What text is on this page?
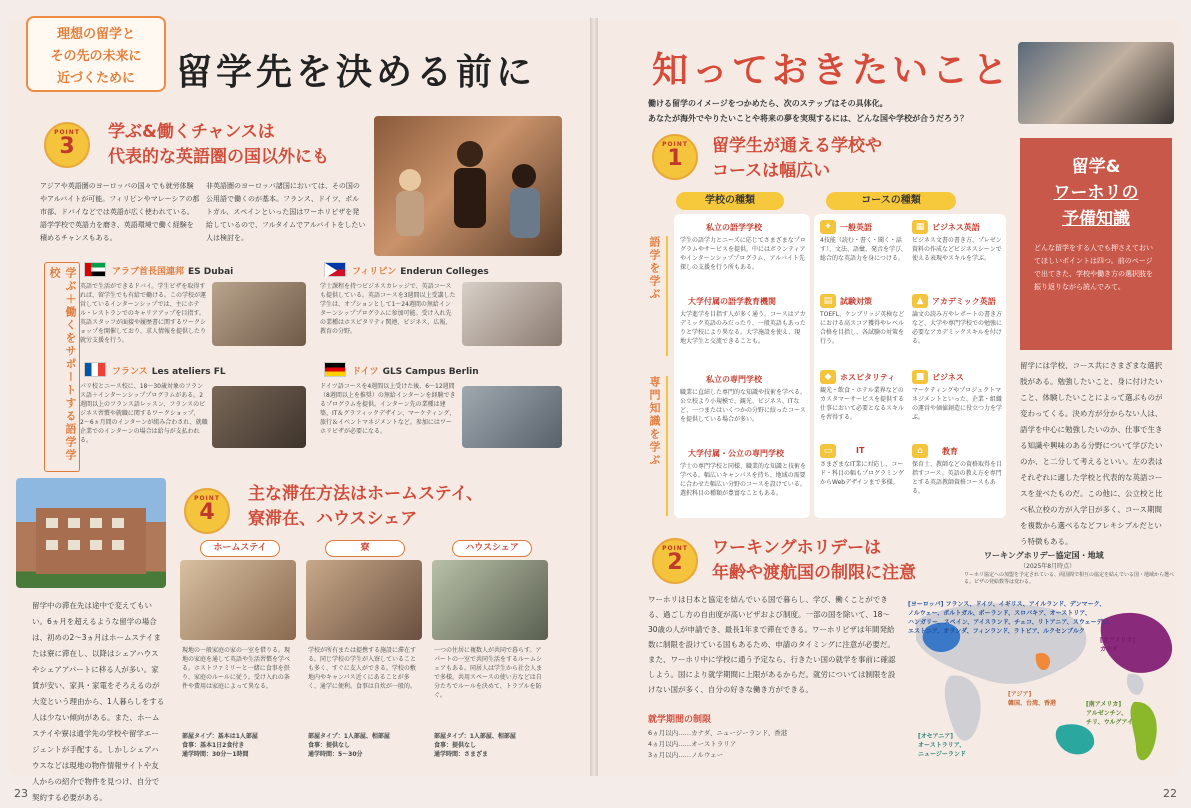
理想の留学と
その先の未来に
近づくために	留学先を決める前に
POINT
3
学ぶ&働くチャンスは
代表的な英語圏の国以外にも
アジアや英語圏のヨーロッパの国々でも就労体験やアルバイトが可能。フィリピンやマレーシアの都市部、ドバイなどでは英語が広く使われている。語学学校で英語力を磨き、英語環境で働く経験を積めるチャンスもある。
非英語圏のヨーロッパ諸国においては、その国の公用語で働くのが基本。フランス、ドイツ、ポルトガル、スペインといった国はワーホリビザを発給しているので、フルタイムでアルバイトをしたい人は検討を。
学ぶ＋働くをサポートする語学学校	アラブ首長国連邦 ES Dubai
英語で生活ができるドバイ。学生ビザを取得すれば、留学生でも有給で働ける。この学校が運営しているインターンシップでは、主にホテル・レストランでのキャリアアップを目指す。英語スタッフが面接や履歴書に関するワークショップを開催しており、求人情報を提供したり就労支援を行う。
フィリピン Enderun Colleges
学士課程を持つビジネスカレッジで、英語コースも提供している。英語コースを3週間以上受講した学生は、オプションとして1〜24週間の無給インターンシッププログラムに参加可能。受け入れ先の業種はホスピタリティ関連、ビジネス、広報、教育の分野。
フランス Les ateliers FL
パリ校とニース校に、18〜30歳対象のフランス語＋インターンシッププログラムがある。2週間以上のフランス語レッスン、フランスのビジネス習慣や就職に関するワークショップ、2〜6ヵ月間のインターンが組み合わされ、就職企業でのインターンの場合は給与が支払われる。
ドイツ GLS Campus Berlin
ドイツ語コースを4週間以上受けた後、6〜12週間（8週間以上を推奨）の無給インターンを経験できるプログラムを提供。インターン先の業種は建築、IT＆グラフィックデザイン、マーケティング、旅行＆イベントマネジメントなど。参加にはワーホリビザが必要になる。
POINT
4
主な滞在方法はホームステイ、
寮滞在、ハウスシェア
留学中の滞在先は途中で変えてもいい。6ヵ月を超えるような留学の場合は、初めの2〜3ヵ月はホームステイまたは寮に滞在し、以降はシェアハウスやシェアアパートに移る人が多い。家賃が安い、家具・家電をそろえるのが大変という理由から、1人暮らしをする人は少ない傾向がある。また、ホームステイや寮は通学先の学校や留学エージェントが手配する。しかしシェアハウスなどは現地の物件情報サイトや友人からの紹介で物件を見つけ、自分で契約する必要がある。
ホームステイ
現地の一般家庭の家の一室を借りる。現地の家庭を通して英語や生活習慣を学べる。ホストファミリーと一緒に食事を摂り、家庭のルールに従う。受け入れの条件や費用は家庭によって異なる。
部屋タイプ：基本は1人部屋
食事：基本1日2食付き
通学時間：30分〜1時間
寮
学校が所有または提携する施設に滞在する。同じ学校の学生が入寮していることも多く、すぐに友人ができる。学校の敷地内やキャンパス近くにあることが多く、通学に便利。食事は自炊が一般的。
部屋タイプ：1人部屋、相部屋
食事：提供なし
通学時間：5〜30分
ハウスシェア
一つの住居に複数人が共同で暮らす。アパートの一室で共同生活をするルームシェアもある。同居人は学生から社会人まで多様。共用スペースの使い方などは自分たちでルールを決めて、トラブルを防ぐ。
部屋タイプ：1人部屋、相部屋
食事：提供なし
通学時間：さまざま
23
知っておきたいこと
働ける留学のイメージをつかめたら、次のステップはその具体化。
あなたが海外でやりたいことや将来の夢を実現するには、どんな国や学校が合うだろう？
留学&
ワーホリの
予備知識
どんな留学をする人でも押さえておいてほしいポイントは四つ。前のページで出てきた、学校や働き方の選択肢を振り返りながら読んでみて。
留学には学校、コース共にさまざまな選択肢がある。勉強したいこと、身に付けたいこと、体験したいことによって選ぶものが変わってくる。決め方が分からない人は、語学を中心に勉強したいのか、仕事で生きる知識や興味のある分野について学びたいのか、と二分して考えるといい。左の表はそれぞれに適した学校と代表的な英語コースを並べたものだ。この他に、公立校と比べ私立校の方が入学日が多く、コース期間を複数から選べるなどフレキシブルだという特徴もある。
POINT
1	留学生が通える学校や
コースは幅広い
語学を学ぶ
専門知識を学ぶ
学校の種類	コースの種類
私立の語学学校
学生の語学力とニーズに応じてさまざまなプログラムやサービスを提供。中にはボランティアやインターンシッププログラム、アルバイト先探しの支援を行う所もある。
大学付属の語学教育機関
大学進学を目指す人が多く通う。コースはアカデミック英語のみだったり、一般英語もあったりと学校により異なる。大学施設を使え、現地大学生と交流できることも。
私立の専門学校
職業に直結した専門的な知識や技術を学べる。公立校より小規模で、観光、ビジネス、ITなど、一つまたはいくつかの分野に絞ったコースを提供している場合が多い。
大学付属・公立の専門学校
学士の専門学校と同様、職業的な知識と技術を学べる。幅広いキャンパスを持ち、地域の需要に合わせた幅広い分野のコースを設けている。選択科目の種類が豊富なこともある。
✦	一般英語
4技能（読む・書く・聞く・話す）、文法、語彙、発音を学び、総合的な英語力を身につける。
▦ ビジネス英語
ビジネス文書の書き方、プレゼン資料の作成などビジネスシーンで使える表現やスキルを学ぶ。
▤ 試験対策
TOEFL、ケンブリッジ英検などにおける高スコア獲得やレベル合格を目指し、各試験の対策を行う。
▲	アカデミック英語
論文の読み方やレポートの書き方など、大学や専門学校での勉強に必要なアカデミックスキルを付ける。
◆	ホスピタリティ
観光・飲食・ホテル業界などのカスタマーサービスを提供する仕事において必要となるスキルを習得する。
■ ビジネス
マーケティングやプロジェクトマネジメントといった、企業・組織の運営や価値創造に役立つ力を学ぶ。
▭	IT
さまざまなIT業に対応し、コード・科目の幅もプログラミングからWebデザインまで多様。
⌂	教育
保育士、教師などの資格取得を目指すコース。英語の教え方を専門とする英語教師資格コースもある。
POINT
2
ワーキングホリデーは
年齢や渡航国の制限に注意
ワーホリは日本と協定を結んでいる国で暮らし、学び、働くことができる、過ごし方の自由度が高いビザおよび制度。一部の国を除いて、18〜30歳の人が申請でき、最長1年まで滞在できる。ワーホリビザは年間発給数に制限を設けている国もあるため、申請のタイミングに注意が必要だ。また、ワーホリ中に学校に通う予定なら、行きたい国の就学を事前に確認しよう。国により就学期間に上限があるからだ。就労については制限を設けない国が多く、自分の好きな働き方ができる。
就学期間の制限
6ヵ月以内……カナダ、ニュージーランド、香港
4ヵ月以内……オーストラリア
3ヵ月以内……ノルウェー
ワーキングホリデー協定国・地域
（2025年8月時点）
ワーホリ協定への加盟を予定されている、両国間で相互の協定を結んでいる国・地域から選べる。ビザの発給数等は変わる。
[ヨーロッパ] フランス、ドイツ、イギリス、アイルランド、デンマーク、
ノルウェー、ポルトガル、ポーランド、スロバキア、オーストリア、
ハンガリー、スペイン、アイスランド、チェコ、リトアニア、スウェーデン、
エストニア、オランダ、フィンランド、ラトビア、ルクセンブルク
[北アメリカ]
カナダ
[アジア]
韓国、台湾、香港
[オセアニア]
オーストラリア、
ニュージーランド
[南アメリカ]
アルゼンチン、
チリ、ウルグアイ
22
